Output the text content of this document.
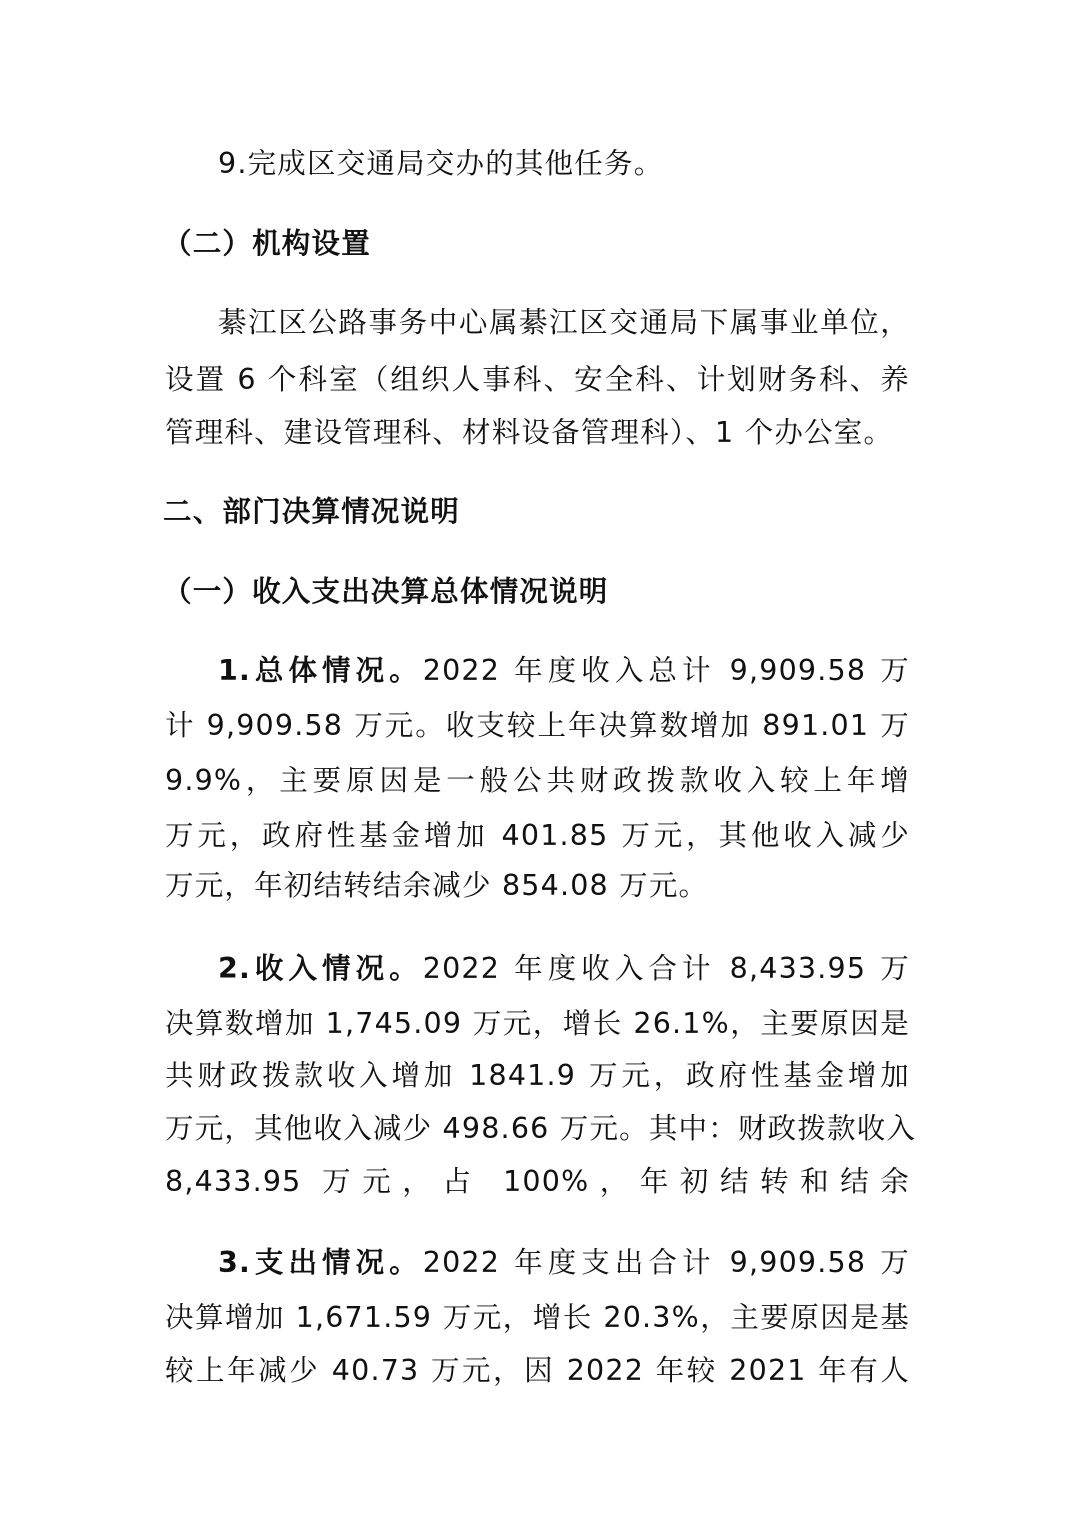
9.完成区交通局交办的其他任务。
（二）机构设置
綦江区公路事务中心属綦江区交通局下属事业单位，
设置 6 个科室（组织人事科、安全科、计划财务科、养
管理科、建设管理科、材料设备管理科）、1 个办公室。
二、部门决算情况说明
（一）收入支出决算总体情况说明
1.总体情况。2022 年度收入总计 9,909.58 万
计 9,909.58 万元。收支较上年决算数增加 891.01 万
9.9%，主要原因是一般公共财政拨款收入较上年增
万元，政府性基金增加 401.85 万元，其他收入减少
万元，年初结转结余减少 854.08 万元。
2.收入情况。2022 年度收入合计 8,433.95 万
决算数增加 1,745.09 万元，增长 26.1%，主要原因是
共财政拨款收入增加 1841.9 万元，政府性基金增加
万元，其他收入减少 498.66 万元。其中：财政拨款收入
8,433.95 万元，占 100%，年初结转和结余
3.支出情况。2022 年度支出合计 9,909.58 万
决算增加 1,671.59 万元，增长 20.3%，主要原因是基
较上年减少 40.73 万元，因 2022 年较 2021 年有人
